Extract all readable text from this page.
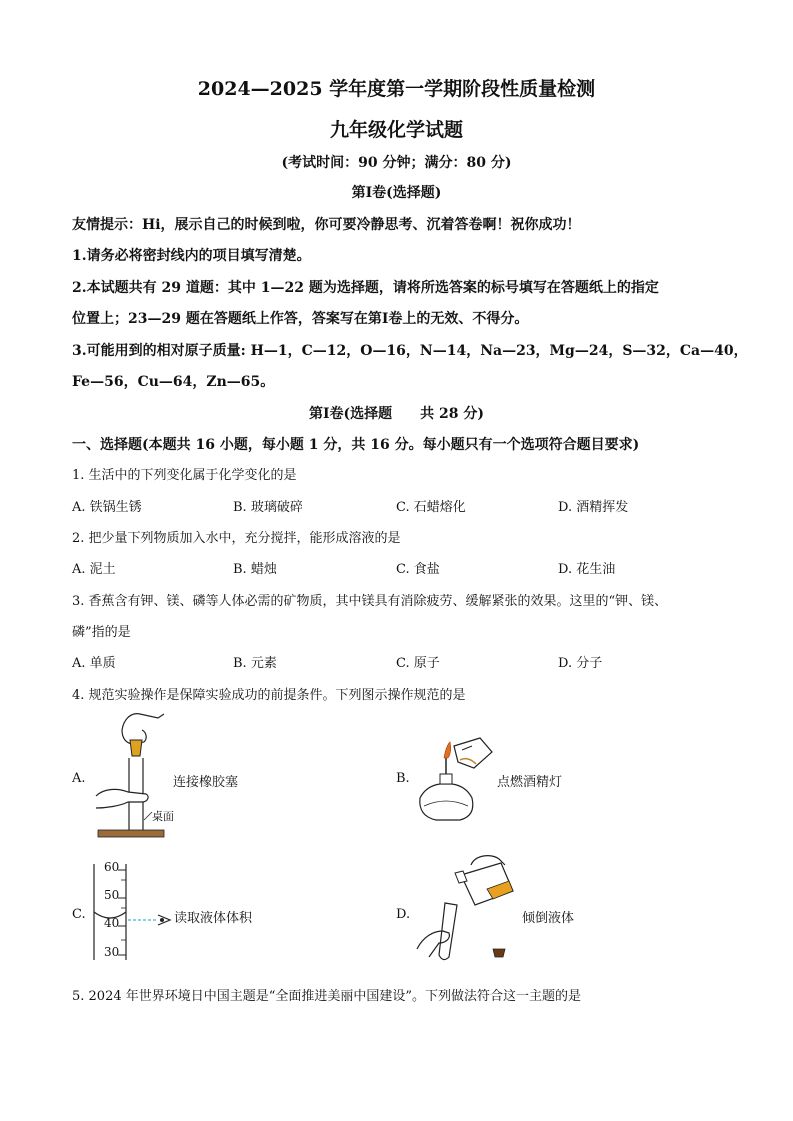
2024—2025 学年度第一学期阶段性质量检测
九年级化学试题
(考试时间：90 分钟；满分：80 分)
第Ⅰ卷(选择题)
友情提示：Hi，展示自己的时候到啦，你可要冷静思考、沉着答卷啊！祝你成功！
1.请务必将密封线内的项目填写清楚。
2.本试题共有 29 道题：其中 1—22 题为选择题，请将所选答案的标号填写在答题纸上的指定
位置上；23—29 题在答题纸上作答，答案写在第Ⅰ卷上的无效、不得分。
3.可能用到的相对原子质量: H—1，C—12，O—16，N—14，Na—23，Mg—24，S—32，Ca—40，
Fe—56，Cu—64，Zn—65。
第Ⅰ卷(选择题　　共 28 分)
一、选择题(本题共 16 小题，每小题 1 分，共 16 分。每小题只有一个选项符合题目要求)
1. 生活中的下列变化属于化学变化的是
A. 铁锅生锈	B. 玻璃破碎	C. 石蜡熔化	D. 酒精挥发
2. 把少量下列物质加入水中，充分搅拌，能形成溶液的是
A. 泥土	B. 蜡烛	C. 食盐	D. 花生油
3. 香蕉含有钾、镁、磷等人体必需的矿物质，其中镁具有消除疲劳、缓解紧张的效果。这里的“钾、镁、
磷”指的是
A. 单质	B. 元素	C. 原子	D. 分子
4. 规范实验操作是保障实验成功的前提条件。下列图示操作规范的是
A.	连接橡胶塞
桌面
B.	点燃酒精灯
C.
60
50
40
30
读取液体体积	D.	倾倒液体
5. 2024 年世界环境日中国主题是“全面推进美丽中国建设”。下列做法符合这一主题的是
